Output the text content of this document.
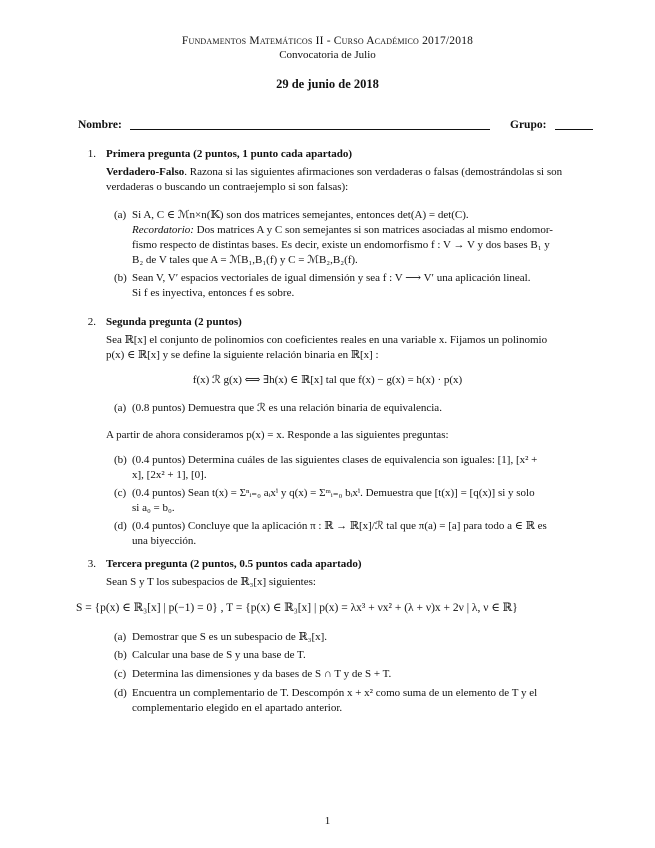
Fundamentos Matemáticos II - Curso Académico 2017/2018
Convocatoria de Julio
29 de junio de 2018
Nombre:	Grupo:
1. Primera pregunta (2 puntos, 1 punto cada apartado)
Verdadero-Falso. Razona si las siguientes afirmaciones son verdaderas o falsas (demostrándolas si son
verdaderas o buscando un contraejemplo si son falsas):
(a) Si A, C ∈ ℳn×n(𝕂) son dos matrices semejantes, entonces det(A) = det(C).
Recordatorio: Dos matrices A y C son semejantes si son matrices asociadas al mismo endomor-
fismo respecto de distintas bases. Es decir, existe un endomorfismo f : V → V y dos bases B₁ y
B₂ de V tales que A = ℳB₁,B₁(f) y C = ℳB₂,B₂(f).
(b) Sean V, V′ espacios vectoriales de igual dimensión y sea f : V ⟶ V′ una aplicación lineal.
Si f es inyectiva, entonces f es sobre.
2. Segunda pregunta (2 puntos)
Sea ℝ[x] el conjunto de polinomios con coeficientes reales en una variable x. Fijamos un polinomio
p(x) ∈ ℝ[x] y se define la siguiente relación binaria en ℝ[x] :
f(x) ℛ g(x) ⟺ ∃h(x) ∈ ℝ[x] tal que f(x) − g(x) = h(x) · p(x)
(a) (0.8 puntos) Demuestra que ℛ es una relación binaria de equivalencia.
A partir de ahora consideramos p(x) = x. Responde a las siguientes preguntas:
(b) (0.4 puntos) Determina cuáles de las siguientes clases de equivalencia son iguales: [1], [x² +
x], [2x² + 1], [0].
(c) (0.4 puntos) Sean t(x) = Σⁿᵢ₌₀ aᵢxⁱ y q(x) = Σᵐᵢ₌₀ bᵢxⁱ. Demuestra que [t(x)] = [q(x)] si y solo
si a₀ = b₀.
(d) (0.4 puntos) Concluye que la aplicación π : ℝ → ℝ[x]/ℛ tal que π(a) = [a] para todo a ∈ ℝ es
una biyección.
3. Tercera pregunta (2 puntos, 0.5 puntos cada apartado)
Sean S y T los subespacios de ℝ₃[x] siguientes:
S = {p(x) ∈ ℝ₃[x] | p(−1) = 0} , T = {p(x) ∈ ℝ₃[x] | p(x) = λx³ + νx² + (λ + ν)x + 2ν | λ, ν ∈ ℝ}
(a) Demostrar que S es un subespacio de ℝ₃[x].
(b) Calcular una base de S y una base de T.
(c) Determina las dimensiones y da bases de S ∩ T y de S + T.
(d) Encuentra un complementario de T. Descompón x + x² como suma de un elemento de T y el
complementario elegido en el apartado anterior.
1
